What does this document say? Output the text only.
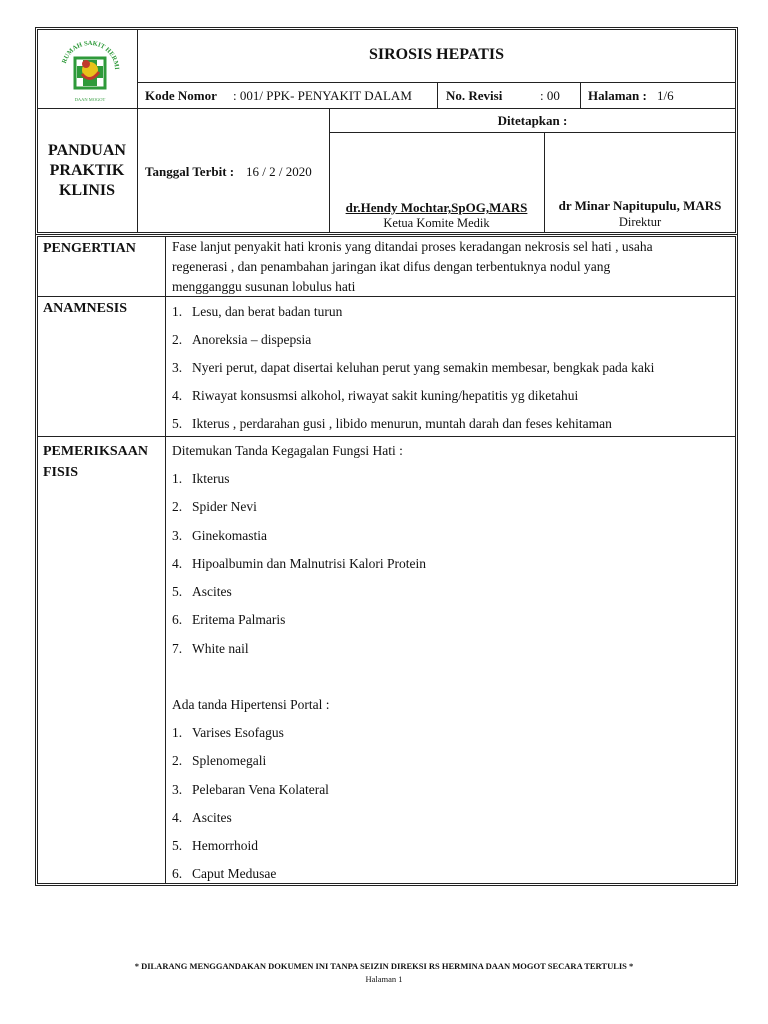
RUMAH SAKIT HERMI
DAAN MOGOT
SIROSIS HEPATIS
Kode Nomor : 001/ PPK- PENYAKIT DALAM	No. Revisi	: 00 Halaman : 1/6
PANDUAN
PRAKTIK
KLINIS
Tanggal Terbit : 16 / 2 / 2020
Ditetapkan :
dr.Hendy Mochtar,SpOG,MARS
Ketua Komite Medik
dr Minar Napitupulu, MARS
Direktur
PENGERTIAN	Fase lanjut penyakit hati kronis yang ditandai proses keradangan nekrosis sel hati , usaha
regenerasi , dan penambahan jaringan ikat difus dengan terbentuknya nodul yang
mengganggu susunan lobulus hati
ANAMNESIS	1. Lesu, dan berat badan turun
2. Anoreksia – dispepsia
3. Nyeri perut, dapat disertai keluhan perut yang semakin membesar, bengkak pada kaki
4. Riwayat konsusmsi alkohol, riwayat sakit kuning/hepatitis yg diketahui
5. Ikterus , perdarahan gusi , libido menurun, muntah darah dan feses kehitaman
PEMERIKSAAN
FISIS
Ditemukan Tanda Kegagalan Fungsi Hati :
1. Ikterus
2. Spider Nevi
3. Ginekomastia
4. Hipoalbumin dan Malnutrisi Kalori Protein
5. Ascites
6. Eritema Palmaris
7. White nail
Ada tanda Hipertensi Portal :
1. Varises Esofagus
2. Splenomegali
3. Pelebaran Vena Kolateral
4. Ascites
5. Hemorrhoid
6. Caput Medusae
* DILARANG MENGGANDAKAN DOKUMEN INI TANPA SEIZIN DIREKSI RS HERMINA DAAN MOGOT SECARA TERTULIS *
Halaman 1
